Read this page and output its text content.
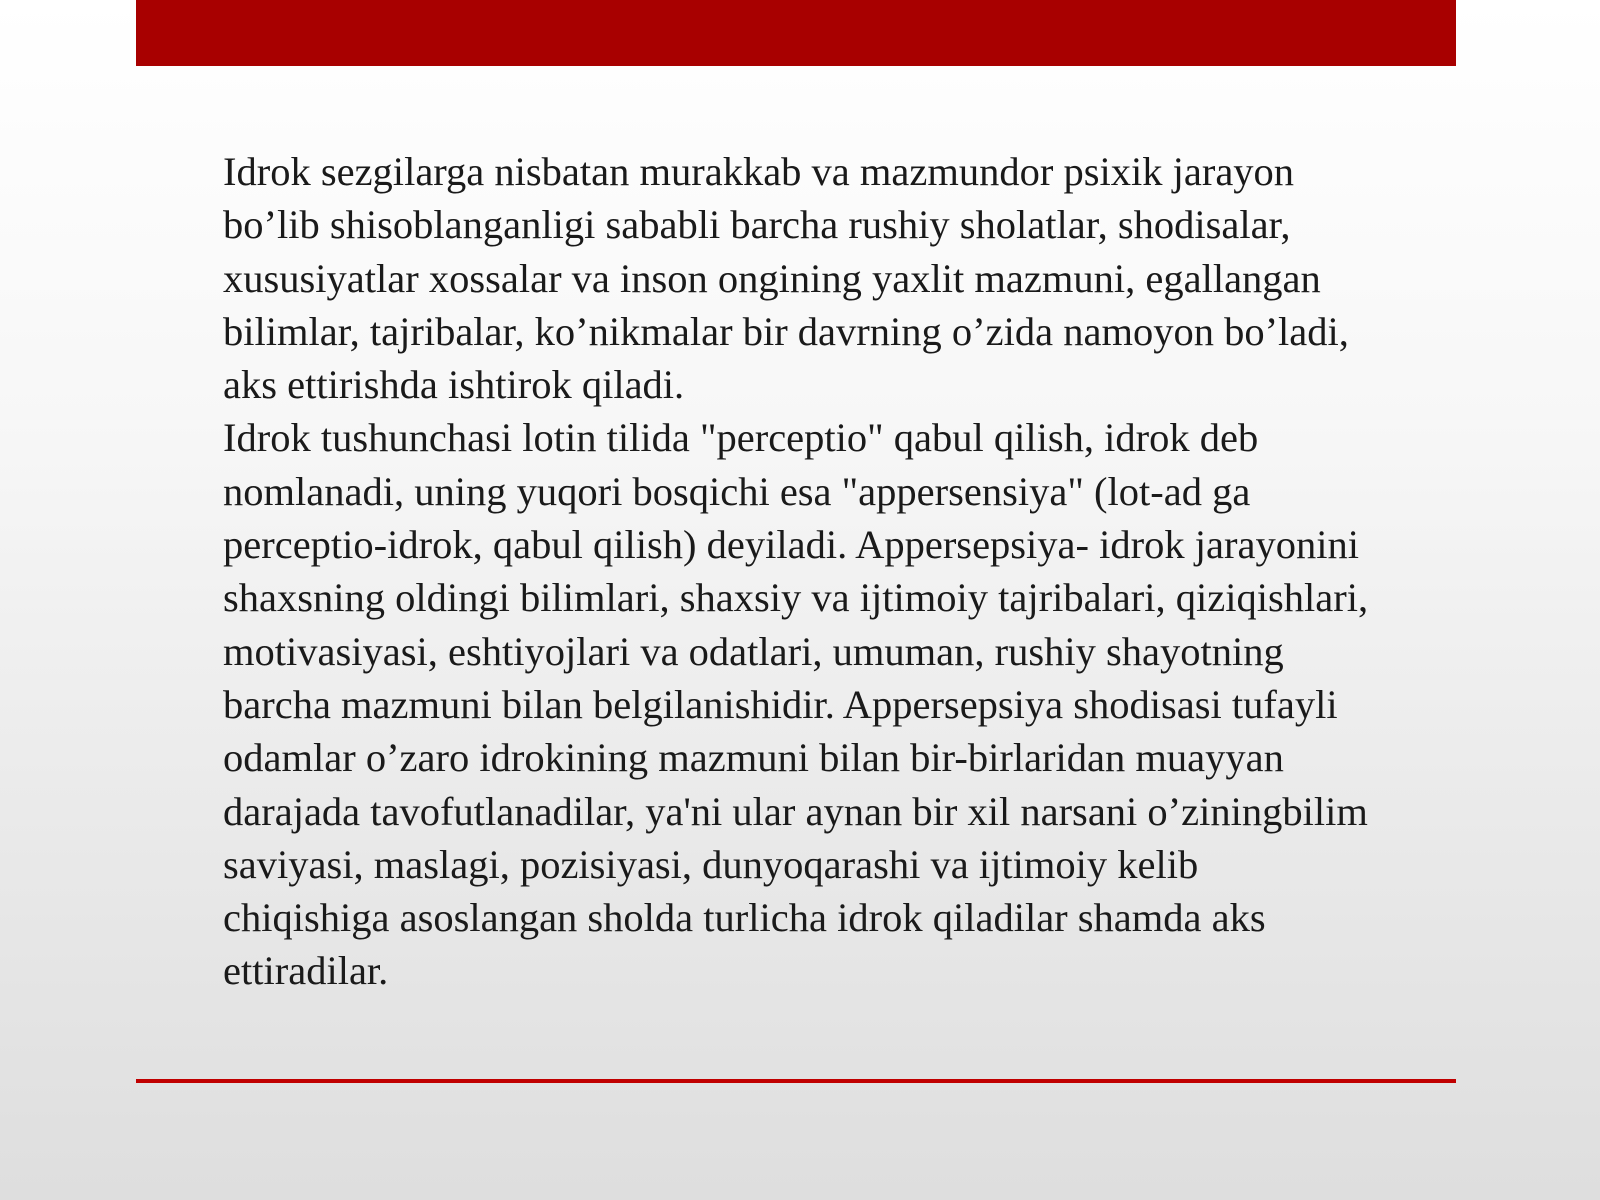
Idrok sezgilarga nisbatan murakkab va mazmundor psixik jarayon
bo’lib shisoblanganligi sababli barcha rushiy sholatlar, shodisalar,
xususiyatlar xossalar va inson ongining yaxlit mazmuni, egallangan
bilimlar, tajribalar, ko’nikmalar bir davrning o’zida namoyon bo’ladi,
aks ettirishda ishtirok qiladi.

Idrok tushunchasi lotin tilida "perceptio" qabul qilish, idrok deb
nomlanadi, uning yuqori bosqichi esa "appersensiya" (lot-ad ga
perceptio-idrok, qabul qilish) deyiladi. Appersepsiya- idrok jarayonini
shaxsning oldingi bilimlari, shaxsiy va ijtimoiy tajribalari, qiziqishlari,
motivasiyasi, eshtiyojlari va odatlari, umuman, rushiy shayotning
barcha mazmuni bilan belgilanishidir. Appersepsiya shodisasi tufayli
odamlar o’zaro idrokining mazmuni bilan bir-birlaridan muayyan
darajada tavofutlanadilar, ya'ni ular aynan bir xil narsani o’ziningbilim
saviyasi, maslagi, pozisiyasi, dunyoqarashi va ijtimoiy kelib
chiqishiga asoslangan sholda turlicha idrok qiladilar shamda aks
ettiradilar.
